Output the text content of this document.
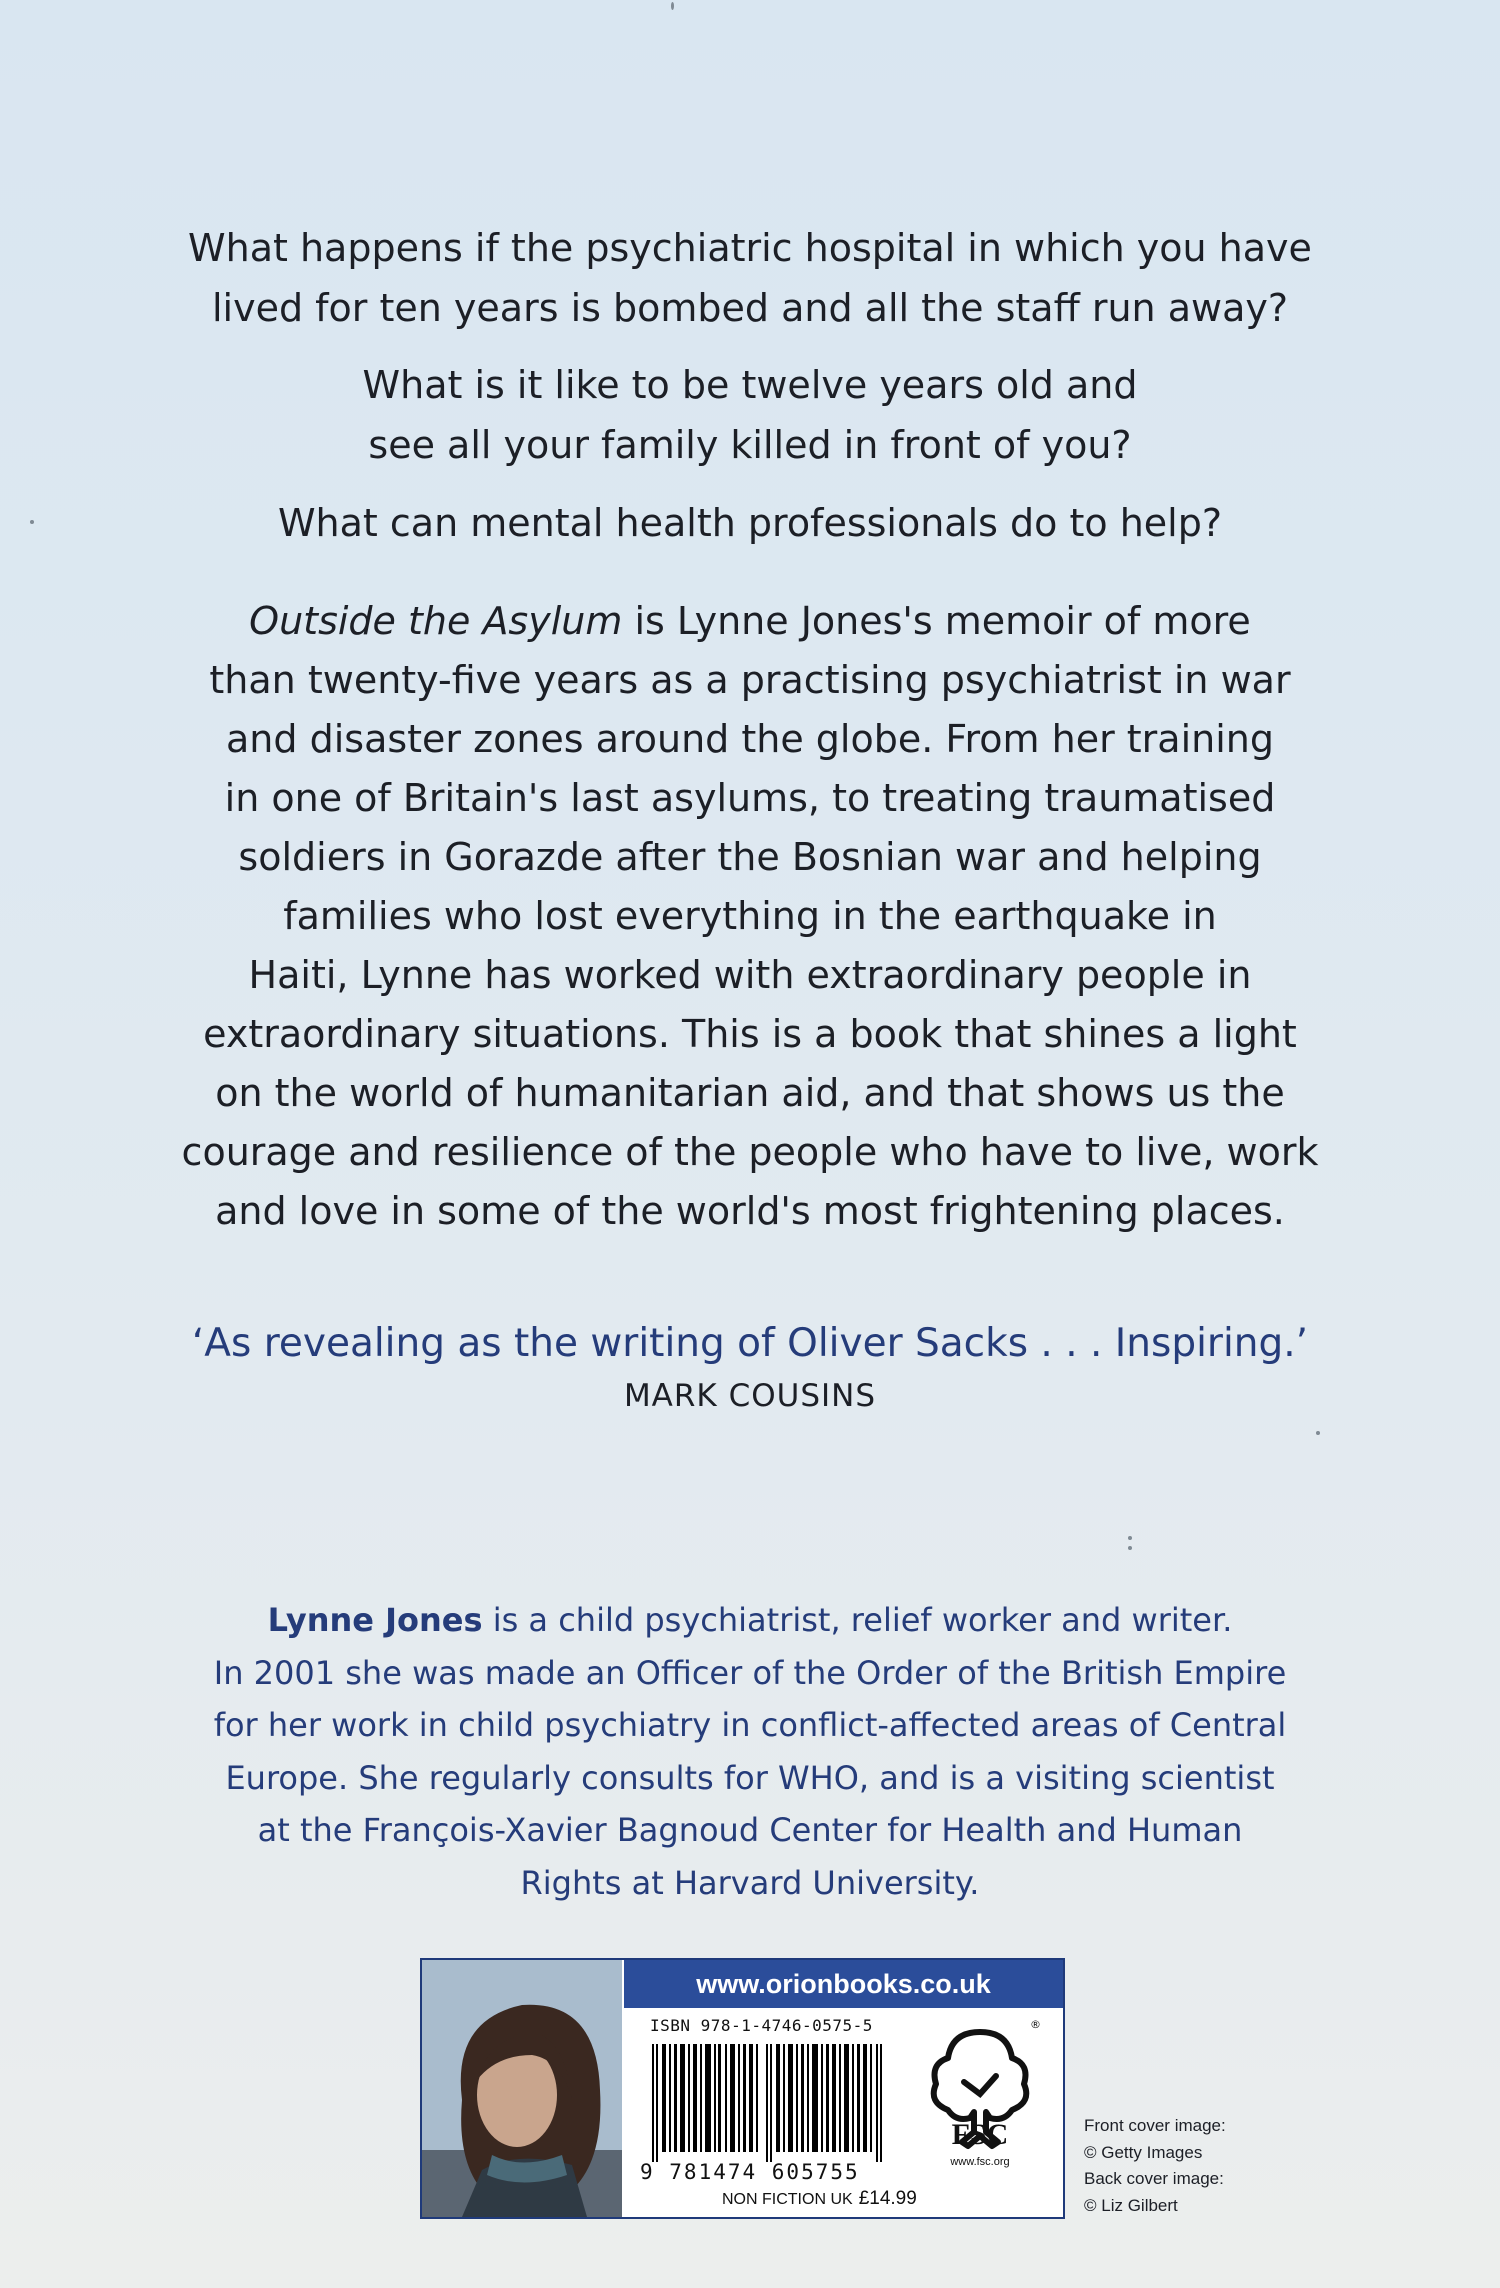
What happens if the psychiatric hospital in which you have
lived for ten years is bombed and all the staff run away?
What is it like to be twelve years old and
see all your family killed in front of you?
What can mental health professionals do to help?
Outside the Asylum is Lynne Jones's memoir of more
than twenty-five years as a practising psychiatrist in war
and disaster zones around the globe. From her training
in one of Britain's last asylums, to treating traumatised
soldiers in Gorazde after the Bosnian war and helping
families who lost everything in the earthquake in
Haiti, Lynne has worked with extraordinary people in
extraordinary situations. This is a book that shines a light
on the world of humanitarian aid, and that shows us the
courage and resilience of the people who have to live, work
and love in some of the world's most frightening places.
‘As revealing as the writing of Oliver Sacks . . . Inspiring.’
MARK COUSINS
Lynne Jones is a child psychiatrist, relief worker and writer.
In 2001 she was made an Officer of the Order of the British Empire
for her work in child psychiatry in conflict-affected areas of Central
Europe. She regularly consults for WHO, and is a visiting scientist
at the François-Xavier Bagnoud Center for Health and Human
Rights at Harvard University.
www.orionbooks.co.uk
ISBN 978-1-4746-0575-5
9 781474 605755
NON FICTION UK £14.99
®
FSC
www.fsc.org
Front cover image:
© Getty Images
Back cover image:
© Liz Gilbert
